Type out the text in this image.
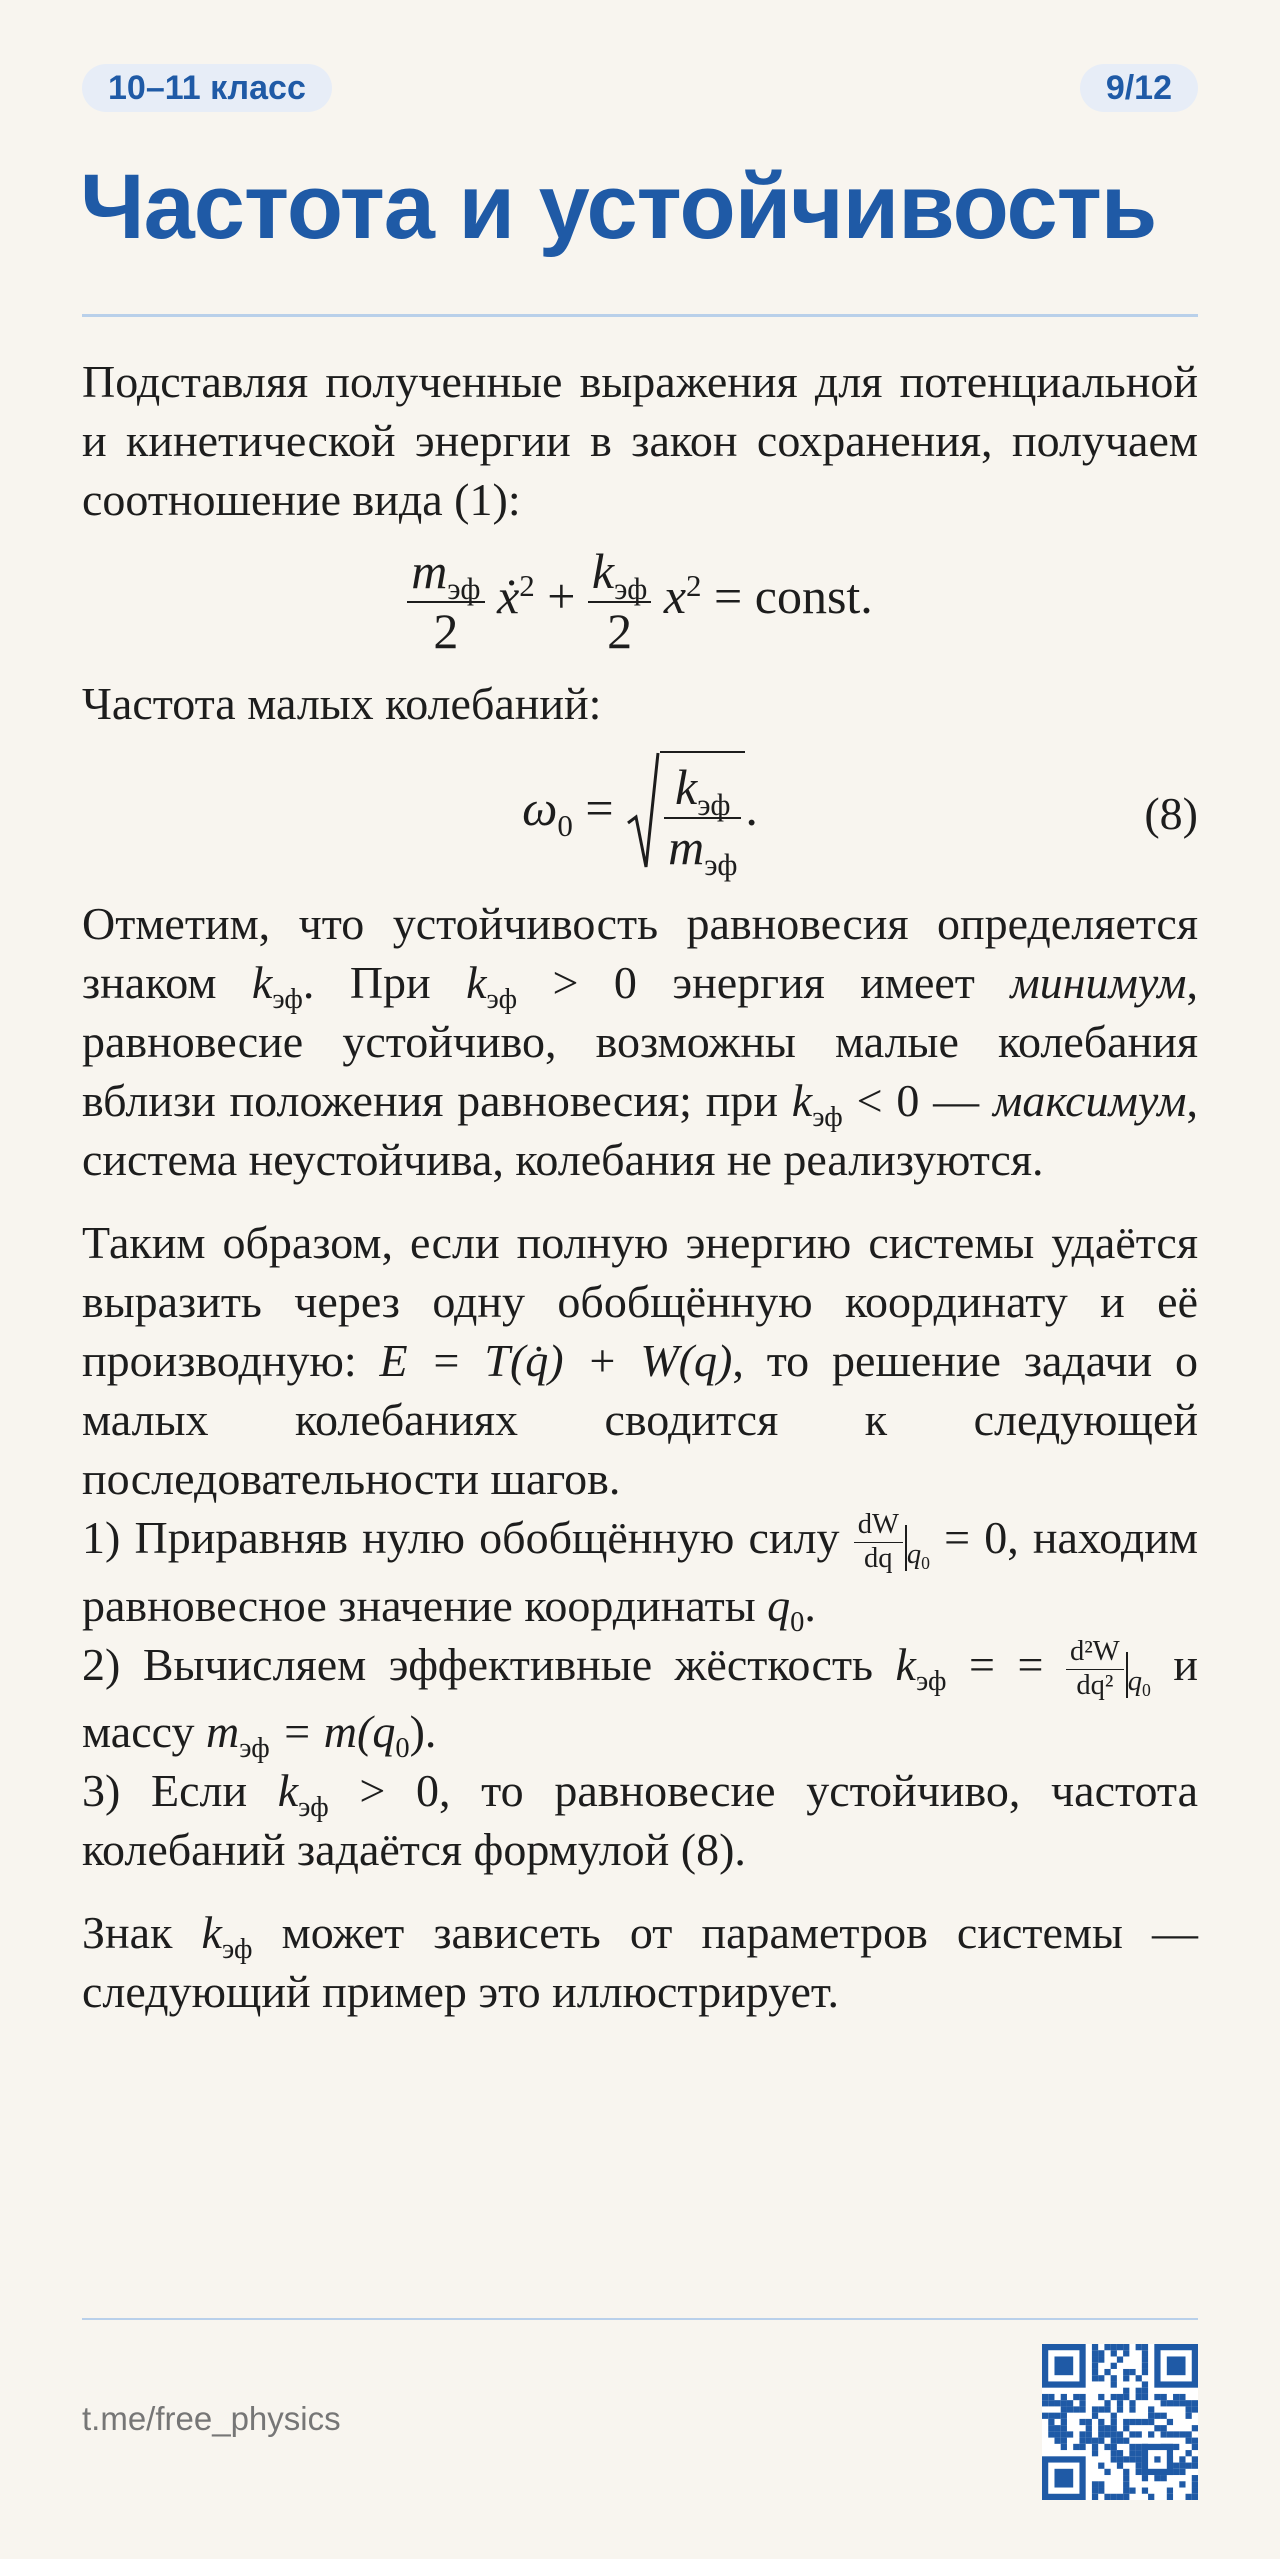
10–11 класс	9/12
Частота и устойчивость

Подставляя полученные выражения для потенциальной и кинетической энергии в закон сохранения, получаем соотношение вида (1):

$\frac{m_{эф}}{2}$ ẋ$^2$ + $\frac{k_{эф}}{2} x^2$ = const.

Частота малых колебаний:

$\omega_0 = \frac{k_{эф}}{m_{эф}}$ .	(8)

Отметим, что устойчивость равновесия определяется знаком $k_{эф}$. При $k_{эф} > 0$ энергия имеет минимум, равновесие устойчиво, возможны малые колебания вблизи положения равновесия; при $k_{эф} < 0$ — максимум, система неустойчива, колебания не реализуются.

Таким образом, если полную энергию системы удаётся выразить через одну обобщённую координату и её производную: E = T(q̇) + W(q), то решение задачи о малых колебаниях сводится к следующей последовательности шагов.

1) Приравняв нулю обобщённую силу $\frac{dW}{dq} _{q_0} = 0$, находим равновесное значение координаты $q_0$.

2) Вычисляем эффективные жёсткость $k_{эф}$ = = $\frac{\text{d²W}}{\text{dq²}} _{q_0}$ и массу $m_{эф} = m(q_0)$.

3) Если $k_{эф} > 0$, то равновесие устойчиво, частота колебаний задаётся формулой (8).

Знак $k_{эф}$ может зависеть от параметров системы — следующий пример это иллюстрирует.

t.me/free_physics
